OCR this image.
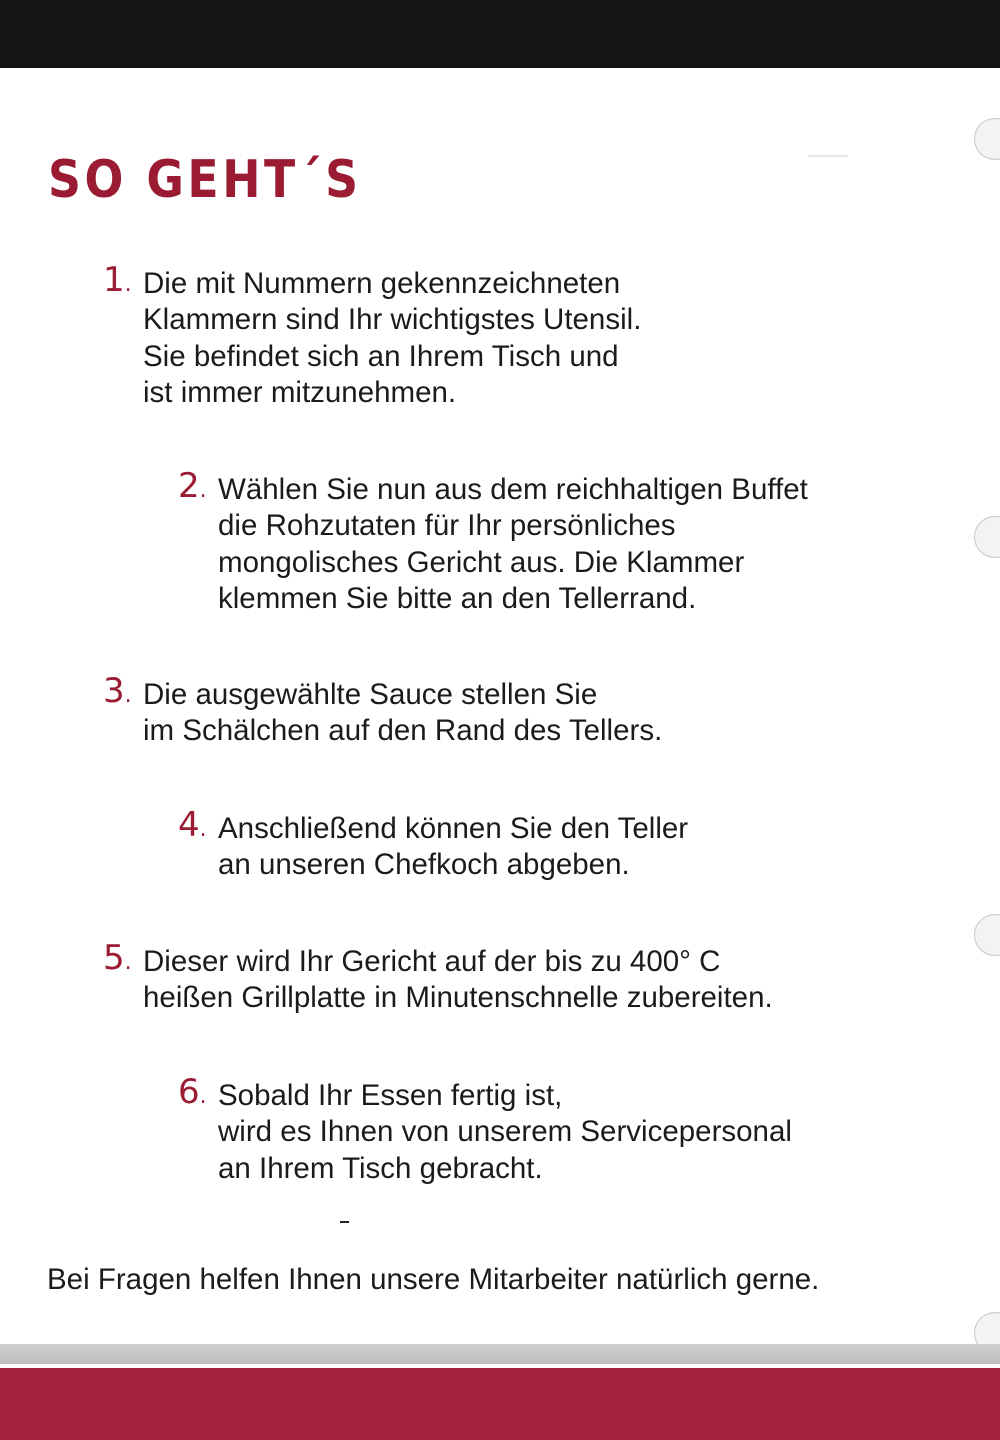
SO GEHT´S
1. Die mit Nummern gekennzeichneten
Klammern sind Ihr wichtigstes Utensil.
Sie befindet sich an Ihrem Tisch und
ist immer mitzunehmen.
2. Wählen Sie nun aus dem reichhaltigen Buffet
die Rohzutaten für Ihr persönliches
mongolisches Gericht aus. Die Klammer
klemmen Sie bitte an den Tellerrand.
3. Die ausgewählte Sauce stellen Sie
im Schälchen auf den Rand des Tellers.
4. Anschließend können Sie den Teller
an unseren Chefkoch abgeben.
5. Dieser wird Ihr Gericht auf der bis zu 400° C
heißen Grillplatte in Minutenschnelle zubereiten.
6. Sobald Ihr Essen fertig ist,
wird es Ihnen von unserem Servicepersonal
an Ihrem Tisch gebracht.

Bei Fragen helfen Ihnen unsere Mitarbeiter natürlich gerne.
